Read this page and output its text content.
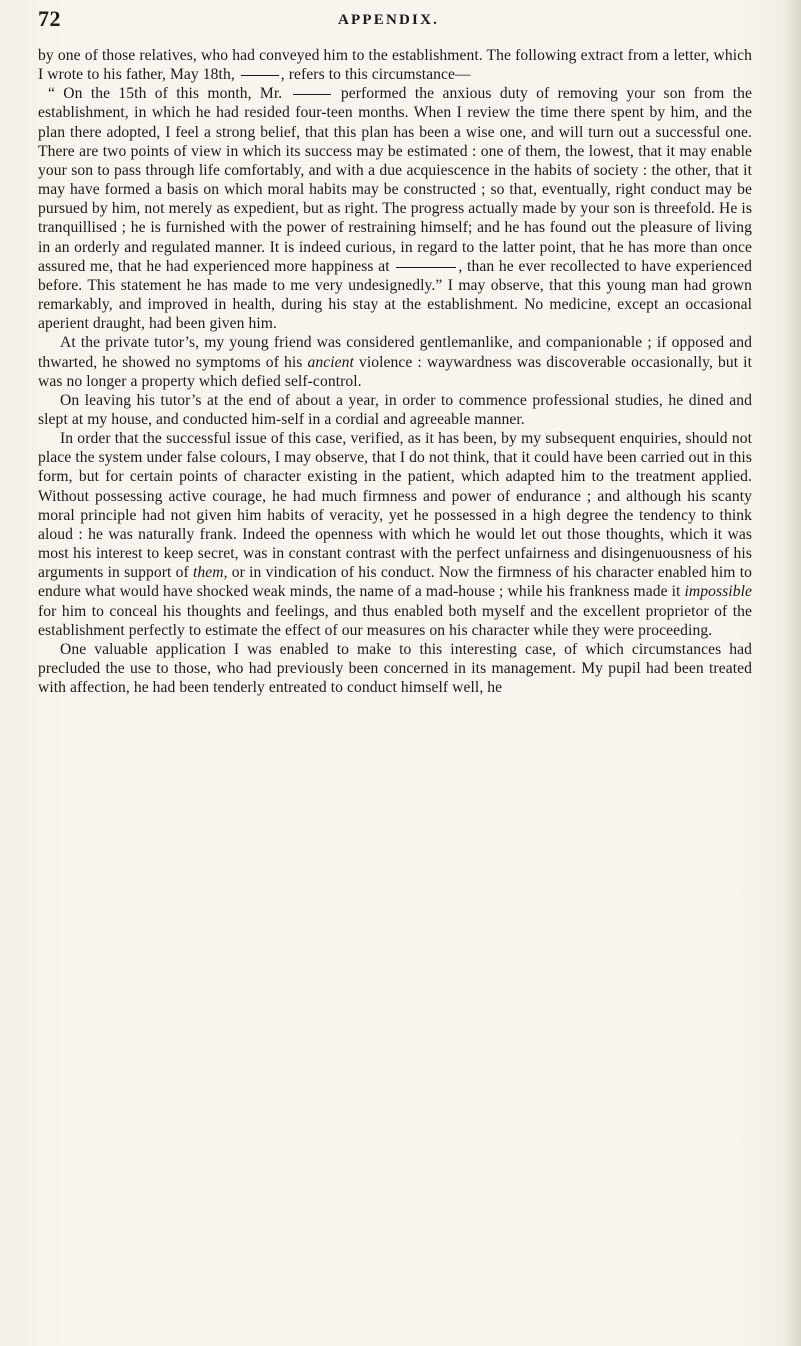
72	APPENDIX.

by one of those relatives, who had conveyed him to the establishment. The following extract from a letter, which I wrote to his father, May 18th,	, refers to this circumstance—

“ On the 15th of this month, Mr.	performed the anxious duty of removing your son from the establishment, in which he had resided four-teen months. When I review the time there spent by him, and the plan there adopted, I feel a strong belief, that this plan has been a wise one, and will turn out a successful one. There are two points of view in which its success may be estimated : one of them, the lowest, that it may enable your son to pass through life comfortably, and with a due acquiescence in the habits of society : the other, that it may have formed a basis on which moral habits may be constructed ; so that, eventually, right conduct may be pursued by him, not merely as expedient, but as right. The progress actually made by your son is threefold. He is tranquillised ; he is furnished with the power of restraining himself; and he has found out the pleasure of living in an orderly and regulated manner. It is indeed curious, in regard to the latter point, that he has more than once assured me, that he had experienced more happiness at	, than he ever recollected to have experienced before. This statement he has made to me very undesignedly.” I may observe, that this young man had grown remarkably, and improved in health, during his stay at the establishment. No medicine, except an occasional aperient draught, had been given him.

At the private tutor’s, my young friend was considered gentlemanlike, and companionable ; if opposed and thwarted, he showed no symptoms of his ancient violence : waywardness was discoverable occasionally, but it was no longer a property which defied self-control.

On leaving his tutor’s at the end of about a year, in order to commence professional studies, he dined and slept at my house, and conducted him-self in a cordial and agreeable manner.

In order that the successful issue of this case, verified, as it has been, by my subsequent enquiries, should not place the system under false colours, I may observe, that I do not think, that it could have been carried out in this form, but for certain points of character existing in the patient, which adapted him to the treatment applied. Without possessing active courage, he had much firmness and power of endurance ; and although his scanty moral principle had not given him habits of veracity, yet he possessed in a high degree the tendency to think aloud : he was naturally frank. Indeed the openness with which he would let out those thoughts, which it was most his interest to keep secret, was in constant contrast with the perfect unfairness and disingenuousness of his arguments in support of them, or in vindication of his conduct. Now the firmness of his character enabled him to endure what would have shocked weak minds, the name of a mad-house ; while his frankness made it impossible for him to conceal his thoughts and feelings, and thus enabled both myself and the excellent proprietor of the establishment perfectly to estimate the effect of our measures on his character while they were proceeding.

One valuable application I was enabled to make to this interesting case, of which circumstances had precluded the use to those, who had previously been concerned in its management. My pupil had been treated with affection, he had been tenderly entreated to conduct himself well, he
